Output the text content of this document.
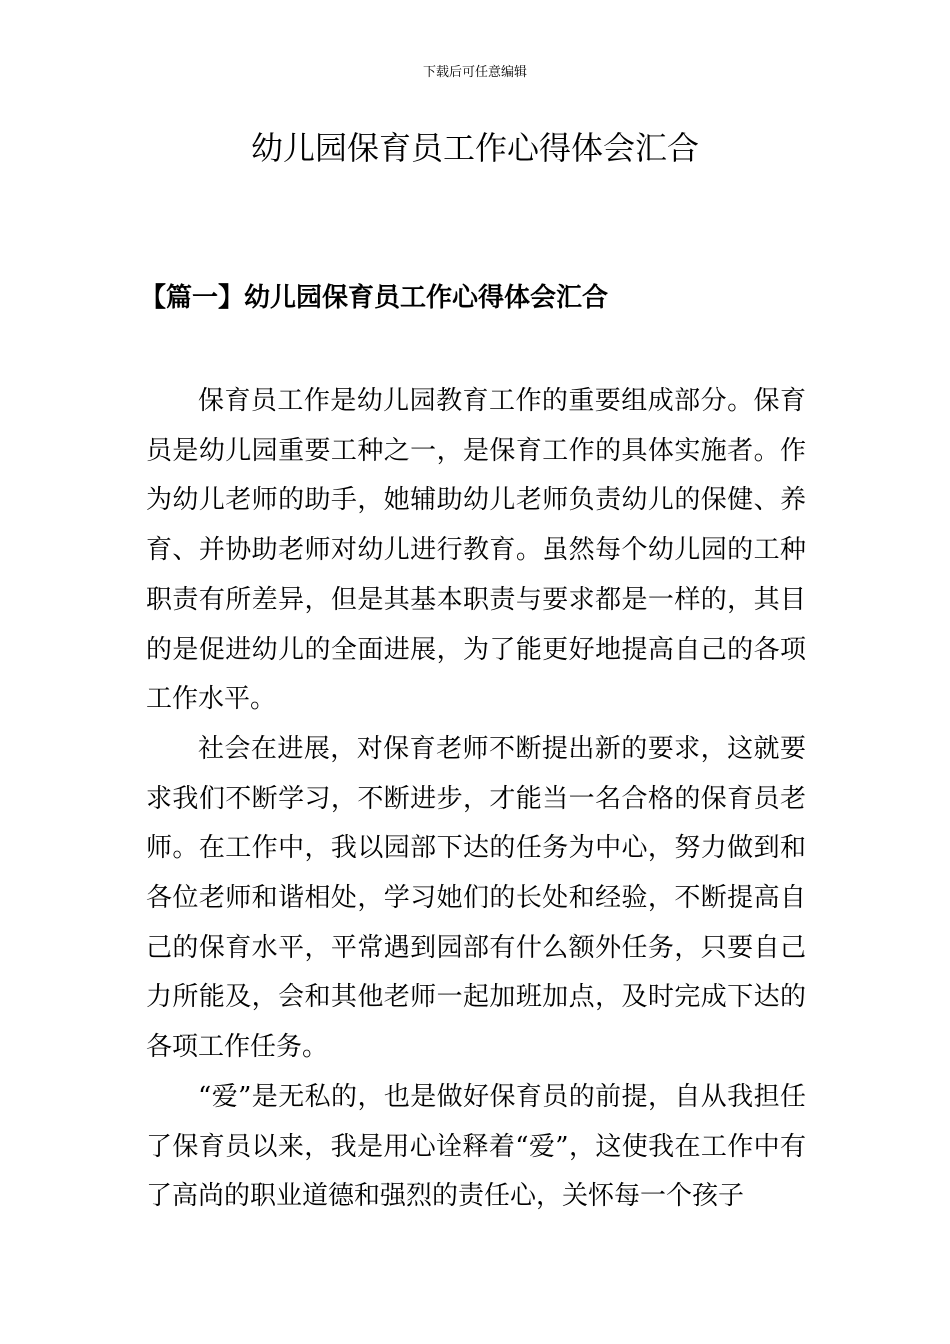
下载后可任意编辑
幼儿园保育员工作心得体会汇合
【篇一】幼儿园保育员工作心得体会汇合

保育员工作是幼儿园教育工作的重要组成部分。保育员是幼儿园重要工种之一，是保育工作的具体实施者。作为幼儿老师的助手，她辅助幼儿老师负责幼儿的保健、养育、并协助老师对幼儿进行教育。虽然每个幼儿园的工种职责有所差异，但是其基本职责与要求都是一样的，其目的是促进幼儿的全面进展，为了能更好地提高自己的各项工作水平。

社会在进展，对保育老师不断提出新的要求，这就要求我们不断学习，不断进步，才能当一名合格的保育员老师。在工作中，我以园部下达的任务为中心，努力做到和各位老师和谐相处，学习她们的长处和经验，不断提高自己的保育水平，平常遇到园部有什么额外任务，只要自己力所能及，会和其他老师一起加班加点，及时完成下达的各项工作任务。

“爱”是无私的，也是做好保育员的前提，自从我担任了保育员以来，我是用心诠释着“爱”，这使我在工作中有了高尚的职业道德和强烈的责任心，关怀每一个孩子
